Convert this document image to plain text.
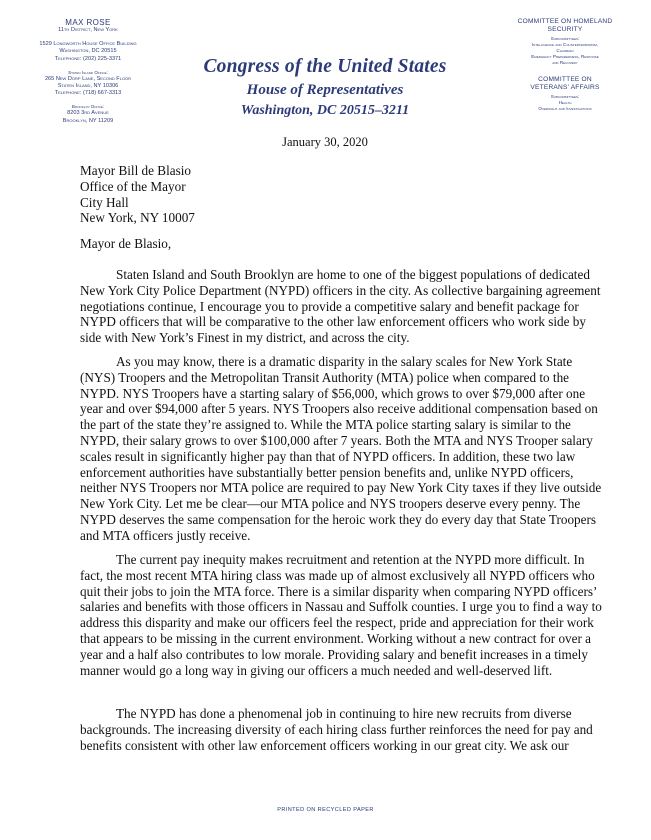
MAX ROSE
11th District, New York
1529 Longworth House Office Building
Washington, DC 20515
Telephone: (202) 225-3371
Staten Island Office:
265 New Dorp Lane, Second Floor
Staten Island, NY 10306
Telephone: (718) 667-3313
Brooklyn Office:
8203 3rd Avenue
Brooklyn, NY 11209
Congress of the United States
House of Representatives
Washington, DC 20515–3211
COMMITTEE ON HOMELAND
SECURITY
Subcommittees:
Intelligence and Counterterrorism,
Chairman
Emergency Preparedness, Response
and Recovery
COMMITTEE ON
VETERANS' AFFAIRS
Subcommittees:
Health
Oversight and Investigations
January 30, 2020
Mayor Bill de Blasio
Office of the Mayor
City Hall
New York, NY 10007
Mayor de Blasio,

Staten Island and South Brooklyn are home to one of the biggest populations of dedicated New York City Police Department (NYPD) officers in the city. As collective bargaining agreement negotiations continue, I encourage you to provide a competitive salary and benefit package for NYPD officers that will be comparative to the other law enforcement officers who work side by side with New York’s Finest in my district, and across the city.

As you may know, there is a dramatic disparity in the salary scales for New York State (NYS) Troopers and the Metropolitan Transit Authority (MTA) police when compared to the NYPD. NYS Troopers have a starting salary of $56,000, which grows to over $79,000 after one year and over $94,000 after 5 years. NYS Troopers also receive additional compensation based on the part of the state they’re assigned to. While the MTA police starting salary is similar to the NYPD, their salary grows to over $100,000 after 7 years. Both the MTA and NYS Trooper salary scales result in significantly higher pay than that of NYPD officers. In addition, these two law enforcement authorities have substantially better pension benefits and, unlike NYPD officers, neither NYS Troopers nor MTA police are required to pay New York City taxes if they live outside New York City. Let me be clear—our MTA police and NYS troopers deserve every penny. The NYPD deserves the same compensation for the heroic work they do every day that State Troopers and MTA officers justly receive.

The current pay inequity makes recruitment and retention at the NYPD more difficult. In fact, the most recent MTA hiring class was made up of almost exclusively all NYPD officers who quit their jobs to join the MTA force. There is a similar disparity when comparing NYPD officers’ salaries and benefits with those officers in Nassau and Suffolk counties. I urge you to find a way to address this disparity and make our officers feel the respect, pride and appreciation for their work that appears to be missing in the current environment. Working without a new contract for over a year and a half also contributes to low morale. Providing salary and benefit increases in a timely manner would go a long way in giving our officers a much needed and well-deserved lift.

The NYPD has done a phenomenal job in continuing to hire new recruits from diverse backgrounds. The increasing diversity of each hiring class further reinforces the need for pay and benefits consistent with other law enforcement officers working in our great city. We ask our

PRINTED ON RECYCLED PAPER
